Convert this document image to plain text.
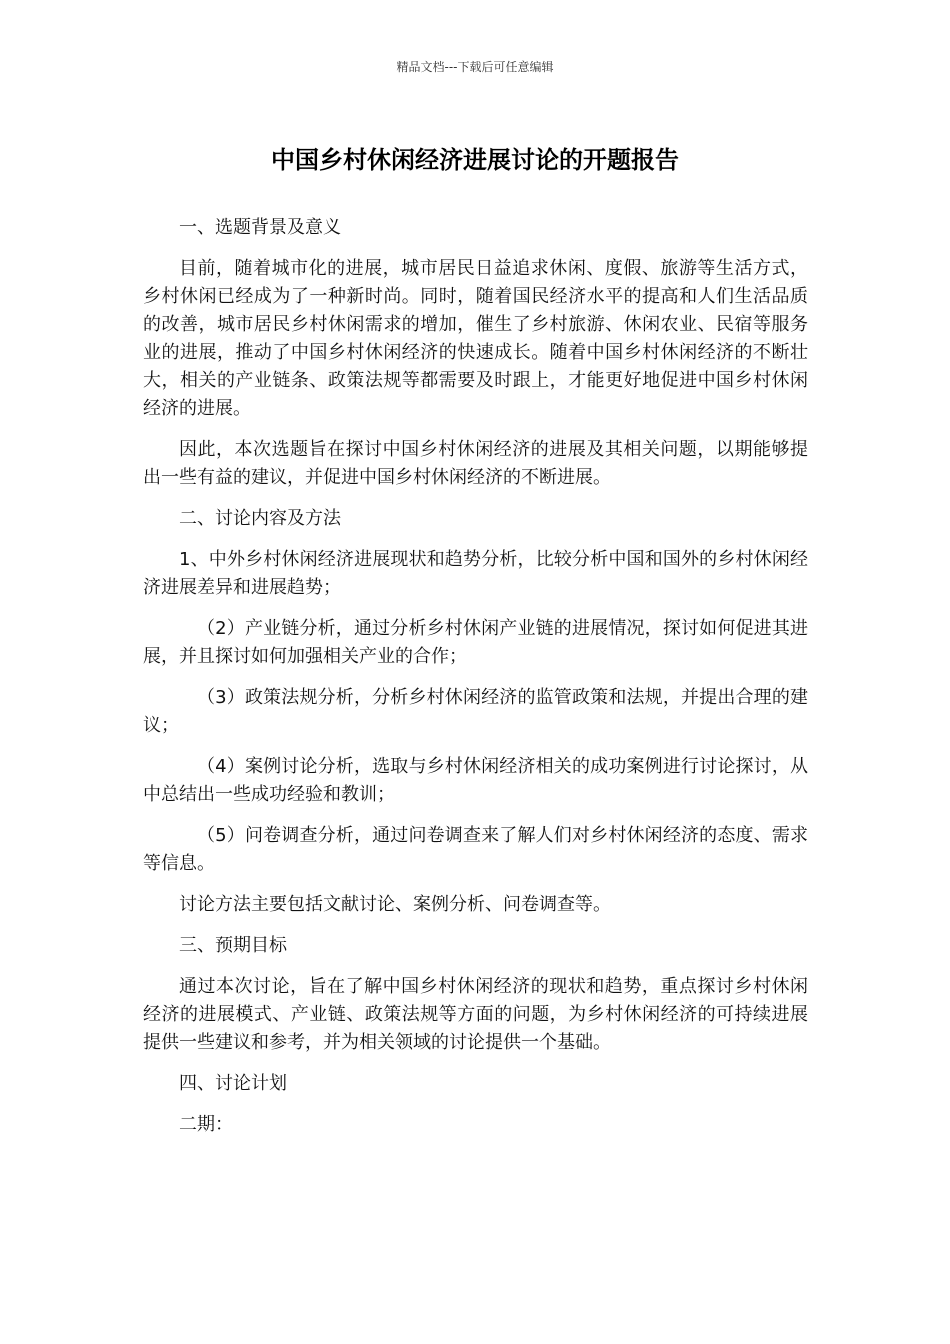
精品文档---下载后可任意编辑
中国乡村休闲经济进展讨论的开题报告

一、选题背景及意义

目前，随着城市化的进展，城市居民日益追求休闲、度假、旅游等生活方式，乡村休闲已经成为了一种新时尚。同时，随着国民经济水平的提高和人们生活品质的改善，城市居民乡村休闲需求的增加，催生了乡村旅游、休闲农业、民宿等服务业的进展，推动了中国乡村休闲经济的快速成长。随着中国乡村休闲经济的不断壮大，相关的产业链条、政策法规等都需要及时跟上，才能更好地促进中国乡村休闲经济的进展。

因此，本次选题旨在探讨中国乡村休闲经济的进展及其相关问题，以期能够提出一些有益的建议，并促进中国乡村休闲经济的不断进展。

二、讨论内容及方法

1、中外乡村休闲经济进展现状和趋势分析，比较分析中国和国外的乡村休闲经济进展差异和进展趋势；

（2）产业链分析，通过分析乡村休闲产业链的进展情况，探讨如何促进其进展，并且探讨如何加强相关产业的合作；

（3）政策法规分析，分析乡村休闲经济的监管政策和法规，并提出合理的建议；

（4）案例讨论分析，选取与乡村休闲经济相关的成功案例进行讨论探讨，从中总结出一些成功经验和教训；

（5）问卷调查分析，通过问卷调查来了解人们对乡村休闲经济的态度、需求等信息。

讨论方法主要包括文献讨论、案例分析、问卷调查等。

三、预期目标

通过本次讨论，旨在了解中国乡村休闲经济的现状和趋势，重点探讨乡村休闲经济的进展模式、产业链、政策法规等方面的问题，为乡村休闲经济的可持续进展提供一些建议和参考，并为相关领域的讨论提供一个基础。

四、讨论计划

二期：
